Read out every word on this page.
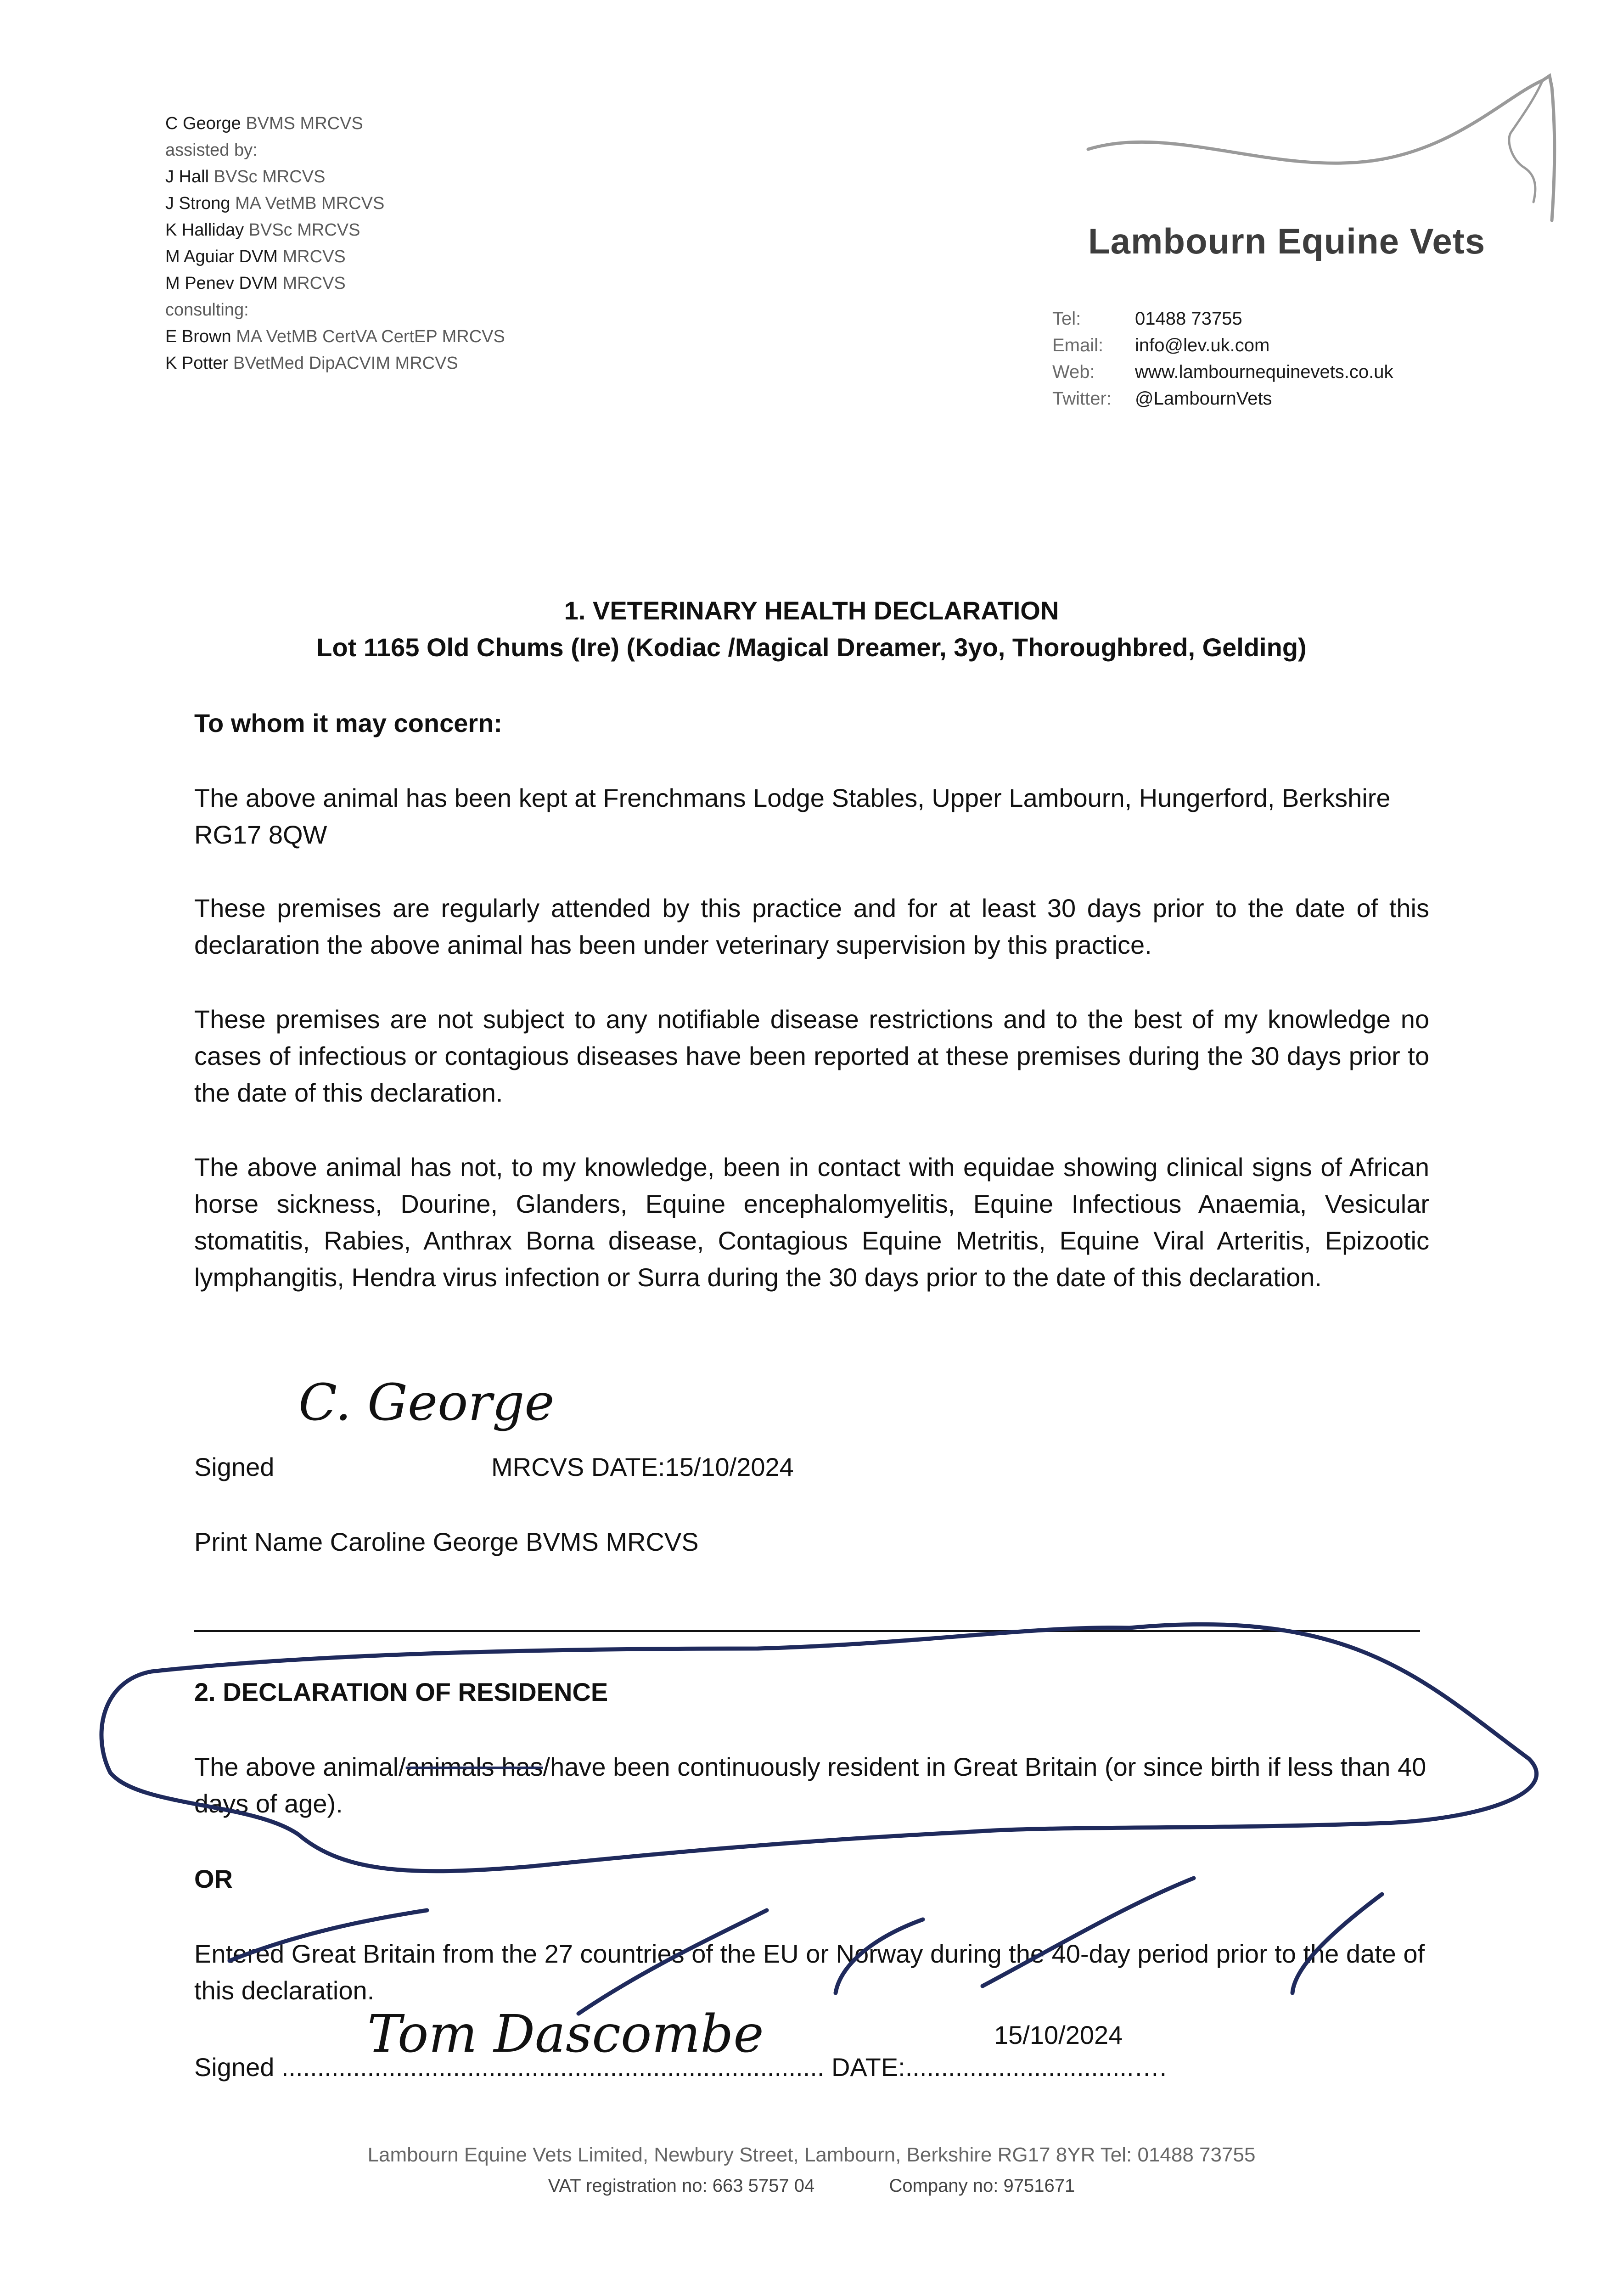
C George BVMS MRCVS
assisted by:
J Hall BVSc MRCVS
J Strong MA VetMB MRCVS
K Halliday BVSc MRCVS
M Aguiar DVM MRCVS
M Penev DVM MRCVS
consulting:
E Brown MA VetMB CertVA CertEP MRCVS
K Potter BVetMed DipACVIM MRCVS
Lambourn Equine Vets
Tel:	01488 73755
Email: info@lev.uk.com
Web: www.lambournequinevets.co.uk
Twitter: @LambournVets
1. VETERINARY HEALTH DECLARATION
Lot 1165 Old Chums (Ire) (Kodiac /Magical Dreamer, 3yo, Thoroughbred, Gelding)
To whom it may concern:
The above animal has been kept at Frenchmans Lodge Stables, Upper Lambourn, Hungerford, Berkshire RG17 8QW
These premises are regularly attended by this practice and for at least 30 days prior to the date of this declaration the above animal has been under veterinary supervision by this practice.
These premises are not subject to any notifiable disease restrictions and to the best of my knowledge no cases of infectious or contagious diseases have been reported at these premises during the 30 days prior to the date of this declaration.
The above animal has not, to my knowledge, been in contact with equidae showing clinical signs of African horse sickness, Dourine, Glanders, Equine encephalomyelitis, Equine Infectious Anaemia, Vesicular stomatitis, Rabies, Anthrax Borna disease, Contagious Equine Metritis, Equine Viral Arteritis, Epizootic lymphangitis, Hendra virus infection or Surra during the 30 days prior to the date of this declaration.
Signed
C. George
MRCVS DATE:15/10/2024
Print Name Caroline George BVMS MRCVS
2. DECLARATION OF RESIDENCE
The above animal/animals has/have been continuously resident in Great Britain (or since birth if less than 40 days of age).
OR
Entered Great Britain from the 27 countries of the EU or Norway during the 40-day period prior to the date of this declaration.
Tom Dascombe	15/10/2024
Signed ............................................................................ DATE:................................….
Lambourn Equine Vets Limited, Newbury Street, Lambourn, Berkshire RG17 8YR Tel: 01488 73755
VAT registration no: 663 5757 04	Company no: 9751671
